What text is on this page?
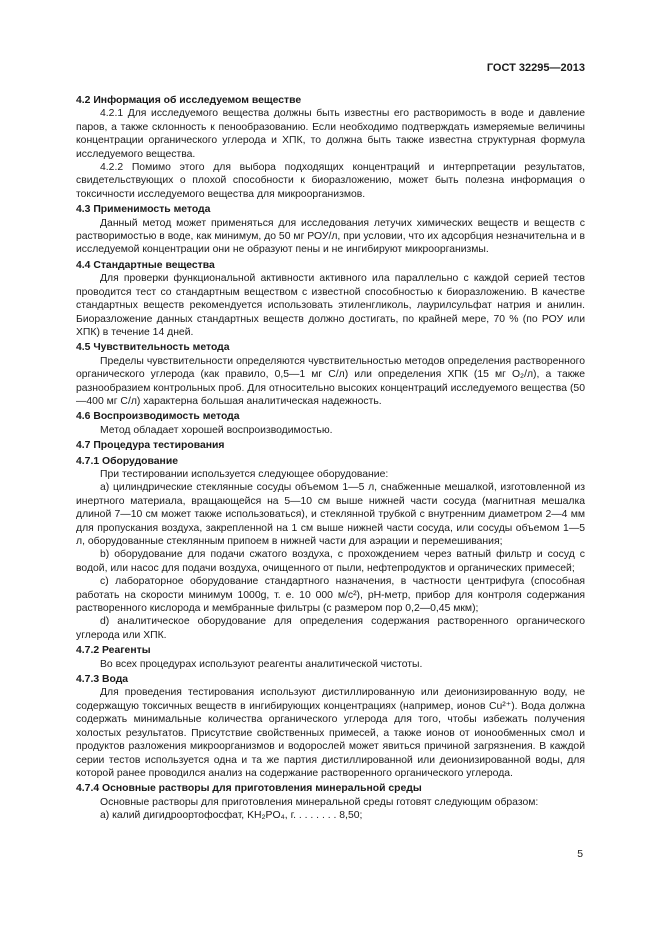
ГОСТ 32295—2013
4.2 Информация об исследуемом веществе
4.2.1 Для исследуемого вещества должны быть известны его растворимость в воде и давление паров, а также склонность к пенообразованию. Если необходимо подтверждать измеряемые величины концентрации органического углерода и ХПК, то должна быть также известна структурная формула исследуемого вещества.
4.2.2 Помимо этого для выбора подходящих концентраций и интерпретации результатов, свидетельствующих о плохой способности к биоразложению, может быть полезна информация о токсичности исследуемого вещества для микроорганизмов.
4.3 Применимость метода
Данный метод может применяться для исследования летучих химических веществ и веществ с растворимостью в воде, как минимум, до 50 мг РОУ/л, при условии, что их адсорбция незначительна и в исследуемой концентрации они не образуют пены и не ингибируют микроорганизмы.
4.4 Стандартные вещества
Для проверки функциональной активности активного ила параллельно с каждой серией тестов проводится тест со стандартным веществом с известной способностью к биоразложению. В качестве стандартных веществ рекомендуется использовать этиленгликоль, лаурилсульфат натрия и анилин. Биоразложение данных стандартных веществ должно достигать, по крайней мере, 70 % (по РОУ или ХПК) в течение 14 дней.
4.5 Чувствительность метода
Пределы чувствительности определяются чувствительностью методов определения растворенного органического углерода (как правило, 0,5—1 мг С/л) или определения ХПК (15 мг O₂/л), а также разнообразием контрольных проб. Для относительно высоких концентраций исследуемого вещества (50—400 мг С/л) характерна большая аналитическая надежность.
4.6 Воспроизводимость метода
Метод обладает хорошей воспроизводимостью.
4.7 Процедура тестирования
4.7.1 Оборудование
При тестировании используется следующее оборудование:
а) цилиндрические стеклянные сосуды объемом 1—5 л, снабженные мешалкой, изготовленной из инертного материала, вращающейся на 5—10 см выше нижней части сосуда (магнитная мешалка длиной 7—10 см может также использоваться), и стеклянной трубкой с внутренним диаметром 2—4 мм для пропускания воздуха, закрепленной на 1 см выше нижней части сосуда, или сосуды объемом 1—5 л, оборудованные стеклянным припоем в нижней части для аэрации и перемешивания;
b) оборудование для подачи сжатого воздуха, с прохождением через ватный фильтр и сосуд с водой, или насос для подачи воздуха, очищенного от пыли, нефтепродуктов и органических примесей;
c) лабораторное оборудование стандартного назначения, в частности центрифуга (способная работать на скорости минимум 1000g, т. е. 10 000 м/с²), pH-метр, прибор для контроля содержания растворенного кислорода и мембранные фильтры (с размером пор 0,2—0,45 мкм);
d) аналитическое оборудование для определения содержания растворенного органического углерода или ХПК.
4.7.2 Реагенты
Во всех процедурах используют реагенты аналитической чистоты.
4.7.3 Вода
Для проведения тестирования используют дистиллированную или деионизированную воду, не содержащую токсичных веществ в ингибирующих концентрациях (например, ионов Cu²⁺). Вода должна содержать минимальные количества органического углерода для того, чтобы избежать получения холостых результатов. Присутствие свойственных примесей, а также ионов от ионообменных смол и продуктов разложения микроорганизмов и водорослей может явиться причиной загрязнения. В каждой серии тестов используется одна и та же партия дистиллированной или деионизированной воды, для которой ранее проводился анализ на содержание растворенного органического углерода.
4.7.4 Основные растворы для приготовления минеральной среды
Основные растворы для приготовления минеральной среды готовят следующим образом:
а) калий дигидроортофосфат, KH₂PO₄, г. . . . . . . . 8,50;
5
